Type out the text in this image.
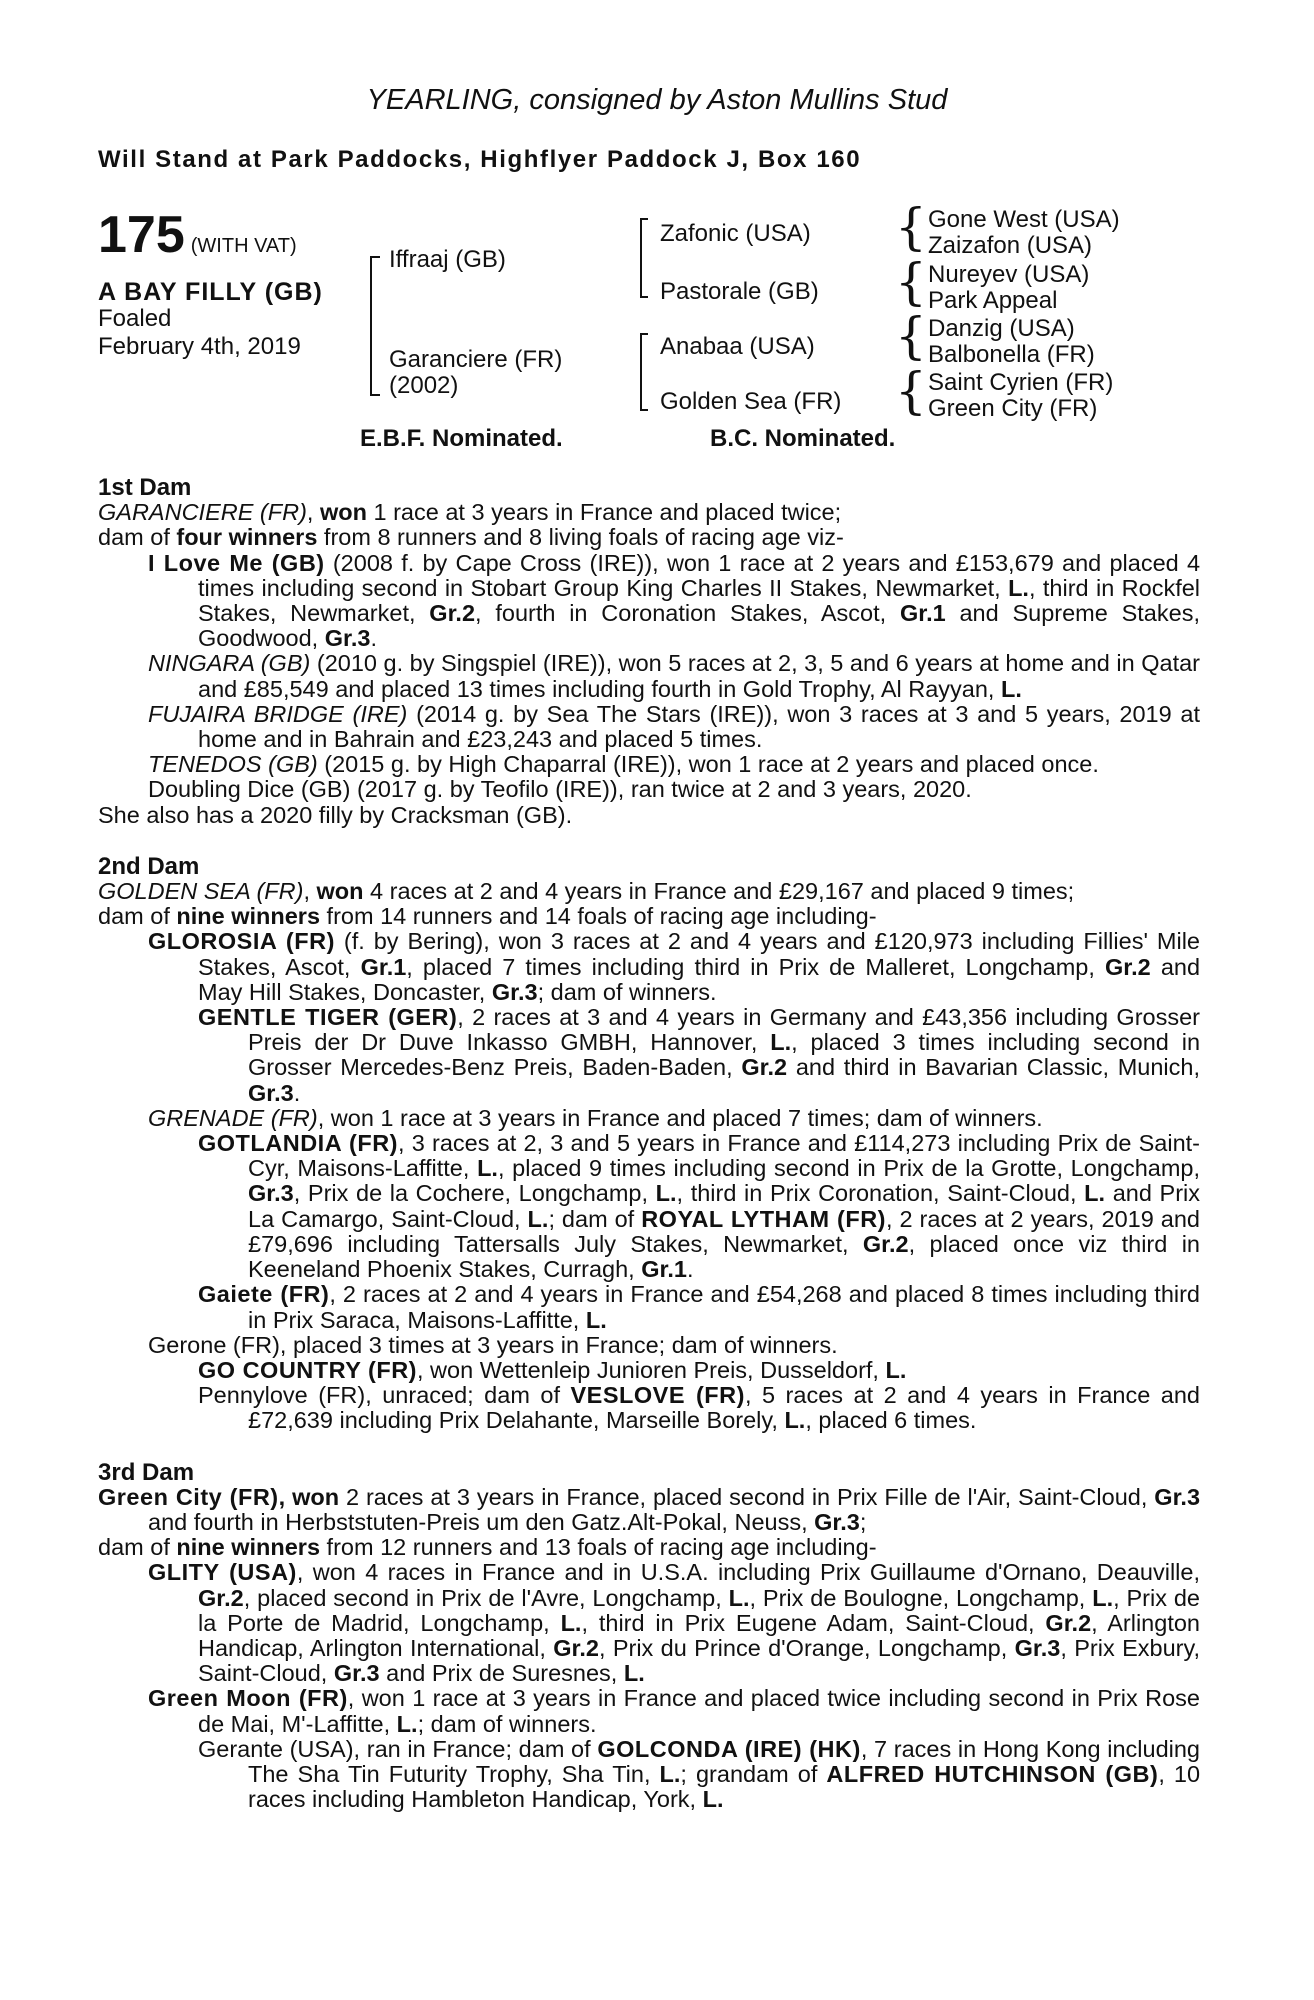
YEARLING, consigned by Aston Mullins Stud
Will Stand at Park Paddocks, Highflyer Paddock J, Box 160
175 (WITH VAT)
A BAY FILLY (GB)
Foaled
February 4th, 2019
Iffraaj (GB)
Garanciere (FR)
(2002)
Zafonic (USA)
Pastorale (GB)
Anabaa (USA)
Golden Sea (FR)
{
{
{
{
Gone West (USA)
Zaizafon (USA)
Nureyev (USA)
Park Appeal
Danzig (USA)
Balbonella (FR)
Saint Cyrien (FR)
Green City (FR)
E.B.F. Nominated.	B.C. Nominated.

1st Dam

GARANCIERE (FR), won 1 race at 3 years in France and placed twice;

dam of four winners from 8 runners and 8 living foals of racing age viz-

I Love Me (GB) (2008 f. by Cape Cross (IRE)), won 1 race at 2 years and £153,679 and placed 4 times including second in Stobart Group King Charles II Stakes, Newmarket, L., third in Rockfel Stakes, Newmarket, Gr.2, fourth in Coronation Stakes, Ascot, Gr.1 and Supreme Stakes, Goodwood, Gr.3.

NINGARA (GB) (2010 g. by Singspiel (IRE)), won 5 races at 2, 3, 5 and 6 years at home and in Qatar and £85,549 and placed 13 times including fourth in Gold Trophy, Al Rayyan, L.

FUJAIRA BRIDGE (IRE) (2014 g. by Sea The Stars (IRE)), won 3 races at 3 and 5 years, 2019 at home and in Bahrain and £23,243 and placed 5 times.

TENEDOS (GB) (2015 g. by High Chaparral (IRE)), won 1 race at 2 years and placed once.

Doubling Dice (GB) (2017 g. by Teofilo (IRE)), ran twice at 2 and 3 years, 2020.

She also has a 2020 filly by Cracksman (GB).

2nd Dam

GOLDEN SEA (FR), won 4 races at 2 and 4 years in France and £29,167 and placed 9 times;

dam of nine winners from 14 runners and 14 foals of racing age including-

GLOROSIA (FR) (f. by Bering), won 3 races at 2 and 4 years and £120,973 including Fillies' Mile Stakes, Ascot, Gr.1, placed 7 times including third in Prix de Malleret, Longchamp, Gr.2 and May Hill Stakes, Doncaster, Gr.3; dam of winners.

GENTLE TIGER (GER), 2 races at 3 and 4 years in Germany and £43,356 including Grosser Preis der Dr Duve Inkasso GMBH, Hannover, L., placed 3 times including second in Grosser Mercedes-Benz Preis, Baden-Baden, Gr.2 and third in Bavarian Classic, Munich, Gr.3.

GRENADE (FR), won 1 race at 3 years in France and placed 7 times; dam of winners.

GOTLANDIA (FR), 3 races at 2, 3 and 5 years in France and £114,273 including Prix de Saint-Cyr, Maisons-Laffitte, L., placed 9 times including second in Prix de la Grotte, Longchamp, Gr.3, Prix de la Cochere, Longchamp, L., third in Prix Coronation, Saint-Cloud, L. and Prix La Camargo, Saint-Cloud, L.; dam of ROYAL LYTHAM (FR), 2 races at 2 years, 2019 and £79,696 including Tattersalls July Stakes, Newmarket, Gr.2, placed once viz third in Keeneland Phoenix Stakes, Curragh, Gr.1.

Gaiete (FR), 2 races at 2 and 4 years in France and £54,268 and placed 8 times including third in Prix Saraca, Maisons-Laffitte, L.

Gerone (FR), placed 3 times at 3 years in France; dam of winners.

GO COUNTRY (FR), won Wettenleip Junioren Preis, Dusseldorf, L.

Pennylove (FR), unraced; dam of VESLOVE (FR), 5 races at 2 and 4 years in France and £72,639 including Prix Delahante, Marseille Borely, L., placed 6 times.

3rd Dam

Green City (FR), won 2 races at 3 years in France, placed second in Prix Fille de l'Air, Saint-Cloud, Gr.3 and fourth in Herbststuten-Preis um den Gatz.Alt-Pokal, Neuss, Gr.3;

dam of nine winners from 12 runners and 13 foals of racing age including-

GLITY (USA), won 4 races in France and in U.S.A. including Prix Guillaume d'Ornano, Deauville, Gr.2, placed second in Prix de l'Avre, Longchamp, L., Prix de Boulogne, Longchamp, L., Prix de la Porte de Madrid, Longchamp, L., third in Prix Eugene Adam, Saint-Cloud, Gr.2, Arlington Handicap, Arlington International, Gr.2, Prix du Prince d'Orange, Longchamp, Gr.3, Prix Exbury, Saint-Cloud, Gr.3 and Prix de Suresnes, L.

Green Moon (FR), won 1 race at 3 years in France and placed twice including second in Prix Rose de Mai, M'-Laffitte, L.; dam of winners.

Gerante (USA), ran in France; dam of GOLCONDA (IRE) (HK), 7 races in Hong Kong including The Sha Tin Futurity Trophy, Sha Tin, L.; grandam of ALFRED HUTCHINSON (GB), 10 races including Hambleton Handicap, York, L.
